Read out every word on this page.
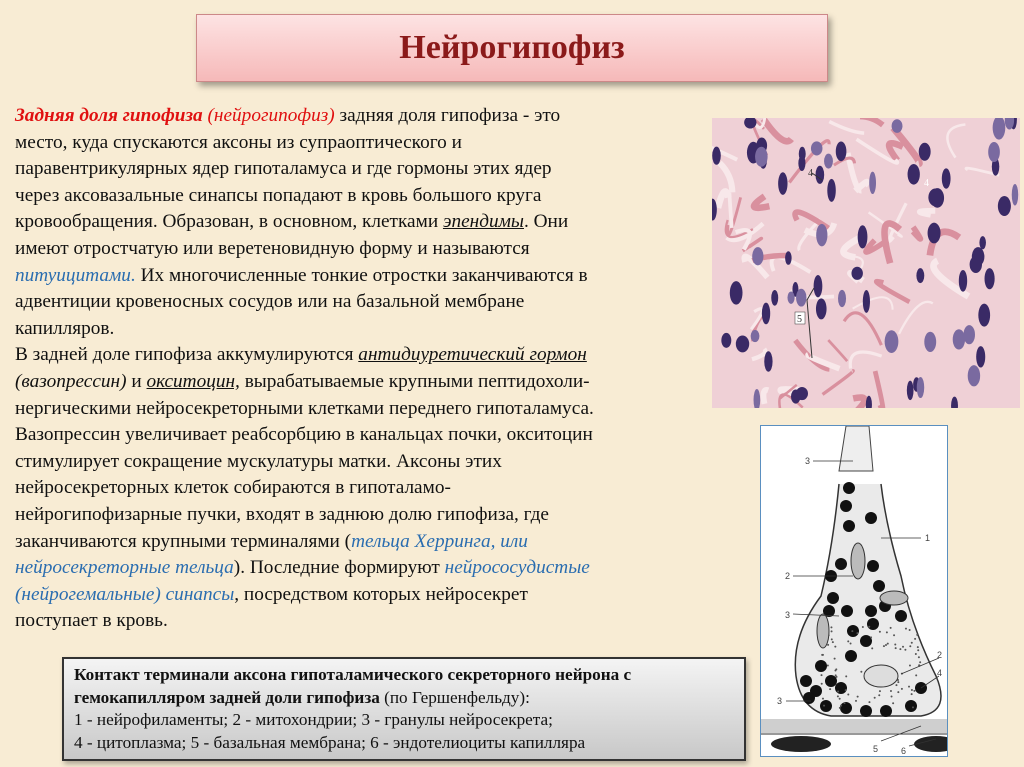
Нейрогипофиз
Задняя доля гипофиза (нейрогипофиз) задняя доля гипофиза - это
место, куда спускаются аксоны из супраоптического и
паравентрикулярных ядер гипоталамуса и где гормоны этих ядер
через аксовазальные синапсы попадают в кровь большого круга
кровообращения. Образован, в основном, клетками эпендимы. Они
имеют отростчатую или веретеновидную форму и называются
питуицитами. Их многочисленные тонкие отростки заканчиваются в
адвентиции кровеносных сосудов или на базальной мембране
капилляров.
В задней доле гипофиза аккумулируются антидиуретический гормон
(вазопрессин) и окситоцин, вырабатываемые крупными пептидохоли-
нергическими нейросекреторными клетками переднего гипоталамуса.
Вазопрессин увеличивает реабсорбцию в канальцах почки, окситоцин
стимулирует сокращение мускулатуры матки. Аксоны этих
нейросекреторных клеток собираются в гипоталамо-
нейрогипофизарные пучки, входят в заднюю долю гипофиза, где
заканчиваются крупными терминалями (тельца Херринга, или
нейросекреторные тельца). Последние формируют нейрососудистые
(нейрогемальные) синапсы, посредством которых нейросекрет
поступает в кровь.
4
4
5
3
1
2
3
2
4
3
5	6
Контакт терминали аксона гипоталамического секреторного нейрона с гемокапилляром задней доли гипофиза (по Гершенфельду):
1 - нейрофиламенты; 2 - митохондрии; 3 - гранулы нейросекрета;
4 - цитоплазма; 5 - базальная мембрана; 6 - эндотелиоциты капилляра
